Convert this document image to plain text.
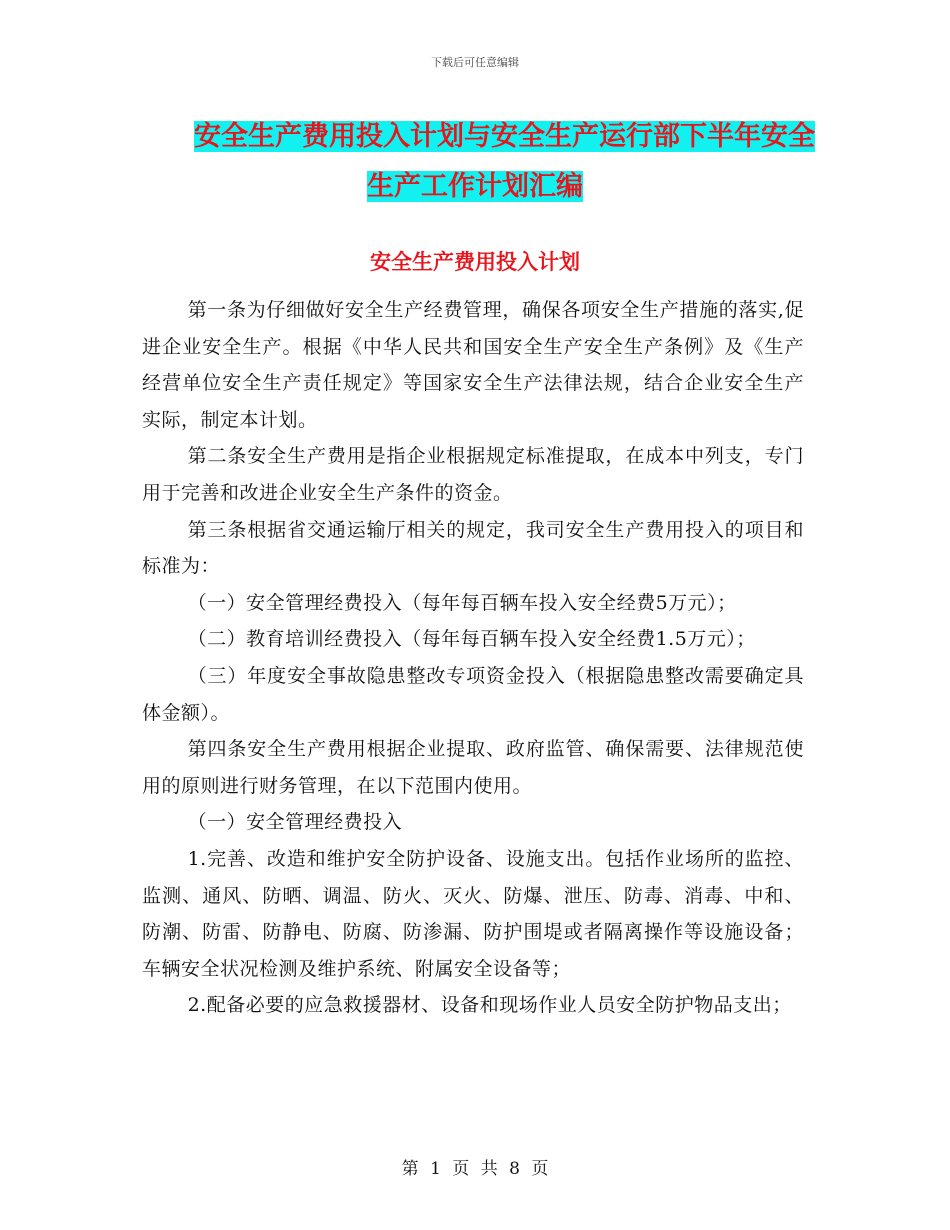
下载后可任意编辑
安全生产费用投入计划与安全生产运行部下半年安全
生产工作计划汇编
安全生产费用投入计划

第一条为仔细做好安全生产经费管理，确保各项安全生产措施的落实,促进企业安全生产。根据《中华人民共和国安全生产安全生产条例》及《生产经营单位安全生产责任规定》等国家安全生产法律法规，结合企业安全生产实际，制定本计划。

第二条安全生产费用是指企业根据规定标准提取，在成本中列支，专门用于完善和改进企业安全生产条件的资金。

第三条根据省交通运输厅相关的规定，我司安全生产费用投入的项目和标准为：

（一）安全管理经费投入（每年每百辆车投入安全经费5万元）；

（二）教育培训经费投入（每年每百辆车投入安全经费1.5万元）；

（三）年度安全事故隐患整改专项资金投入（根据隐患整改需要确定具体金额）。

第四条安全生产费用根据企业提取、政府监管、确保需要、法律规范使用的原则进行财务管理，在以下范围内使用。

（一）安全管理经费投入

1.完善、改造和维护安全防护设备、设施支出。包括作业场所的监控、监测、通风、防晒、调温、防火、灭火、防爆、泄压、防毒、消毒、中和、防潮、防雷、防静电、防腐、防渗漏、防护围堤或者隔离操作等设施设备；车辆安全状况检测及维护系统、附属安全设备等；

2.配备必要的应急救援器材、设备和现场作业人员安全防护物品支出；

第 1 页 共 8 页
